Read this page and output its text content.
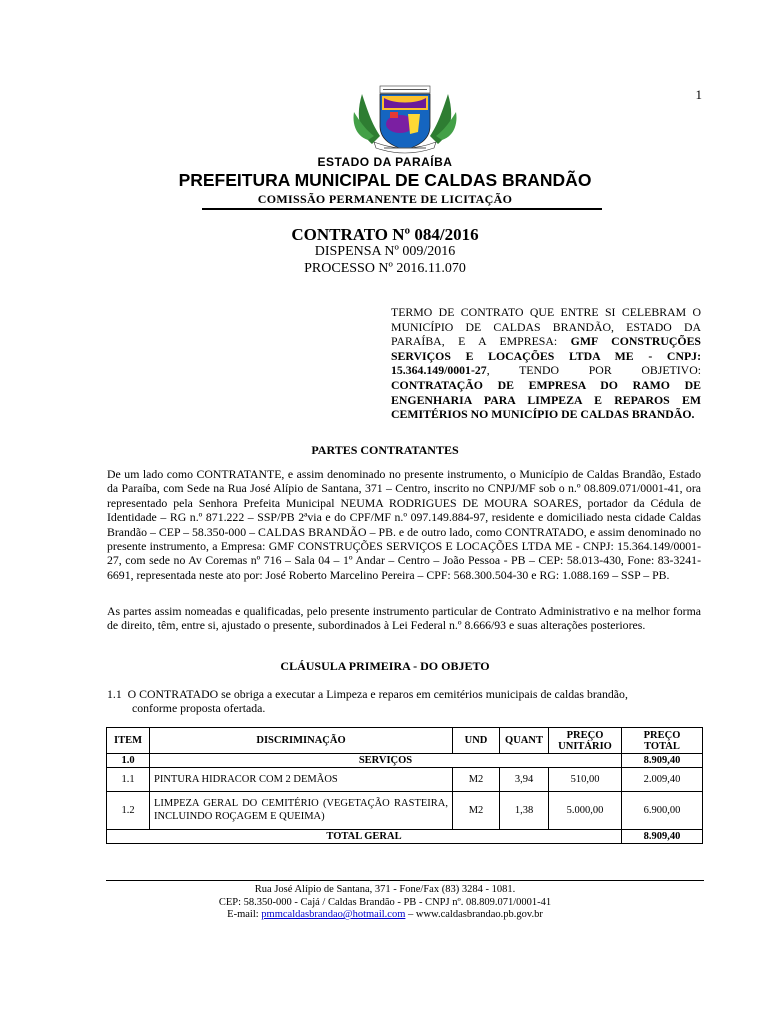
1
ESTADO DA PARAÍBA
PREFEITURA MUNICIPAL DE CALDAS BRANDÃO
COMISSÃO PERMANENTE DE LICITAÇÃO
CONTRATO Nº 084/2016
DISPENSA Nº 009/2016
PROCESSO Nº 2016.11.070
TERMO DE CONTRATO QUE ENTRE SI CELEBRAM O MUNICÍPIO DE CALDAS BRANDÃO, ESTADO DA PARAÍBA, E A EMPRESA: GMF CONSTRUÇÕES SERVIÇOS E LOCAÇÕES LTDA ME - CNPJ: 15.364.149/0001-27, TENDO POR OBJETIVO: CONTRATAÇÃO DE EMPRESA DO RAMO DE ENGENHARIA PARA LIMPEZA E REPAROS EM CEMITÉRIOS NO MUNICÍPIO DE CALDAS BRANDÃO.
PARTES CONTRATANTES
De um lado como CONTRATANTE, e assim denominado no presente instrumento, o Município de Caldas Brandão, Estado da Paraíba, com Sede na Rua José Alípio de Santana, 371 – Centro, inscrito no CNPJ/MF sob o n.º 08.809.071/0001-41, ora representado pela Senhora Prefeita Municipal NEUMA RODRIGUES DE MOURA SOARES, portador da Cédula de Identidade – RG n.º 871.222 – SSP/PB 2ªvia e do CPF/MF n.º 097.149.884-97, residente e domiciliado nesta cidade Caldas Brandão – CEP – 58.350-000 – CALDAS BRANDÃO – PB. e de outro lado, como CONTRATADO, e assim denominado no presente instrumento, a Empresa: GMF CONSTRUÇÕES SERVIÇOS E LOCAÇÕES LTDA ME - CNPJ: 15.364.149/0001-27, com sede no Av Coremas nº 716 – Sala 04 – 1º Andar – Centro – João Pessoa - PB – CEP: 58.013-430, Fone: 83-3241-6691, representada neste ato por: José Roberto Marcelino Pereira – CPF: 568.300.504-30 e RG: 1.088.169 – SSP – PB.
As partes assim nomeadas e qualificadas, pelo presente instrumento particular de Contrato Administrativo e na melhor forma de direito, têm, entre si, ajustado o presente, subordinados à Lei Federal n.º 8.666/93 e suas alterações posteriores.
CLÁUSULA PRIMEIRA - DO OBJETO
1.1 O CONTRATADO se obriga a executar a Limpeza e reparos em cemitérios municipais de caldas brandão,
conforme proposta ofertada.
ITEM	DISCRIMINAÇÃO	UND	QUANT	PREÇO UNITÁRIO	PREÇO TOTAL
1.0	SERVIÇOS				8.909,40
1.1	PINTURA HIDRACOR COM 2 DEMÃOS	M2	3,94	510,00	2.009,40
1.2	LIMPEZA GERAL DO CEMITÉRIO (VEGETAÇÃO RASTEIRA, INCLUINDO ROÇAGEM E QUEIMA)	M2	1,38	5.000,00	6.900,00
TOTAL GERAL					8.909,40
Rua José Alípio de Santana, 371 - Fone/Fax (83) 3284 - 1081.
CEP: 58.350-000 - Cajá / Caldas Brandão - PB - CNPJ nº. 08.809.071/0001-41
E-mail: pmmcaldasbrandao@hotmail.com – www.caldasbrandao.pb.gov.br
